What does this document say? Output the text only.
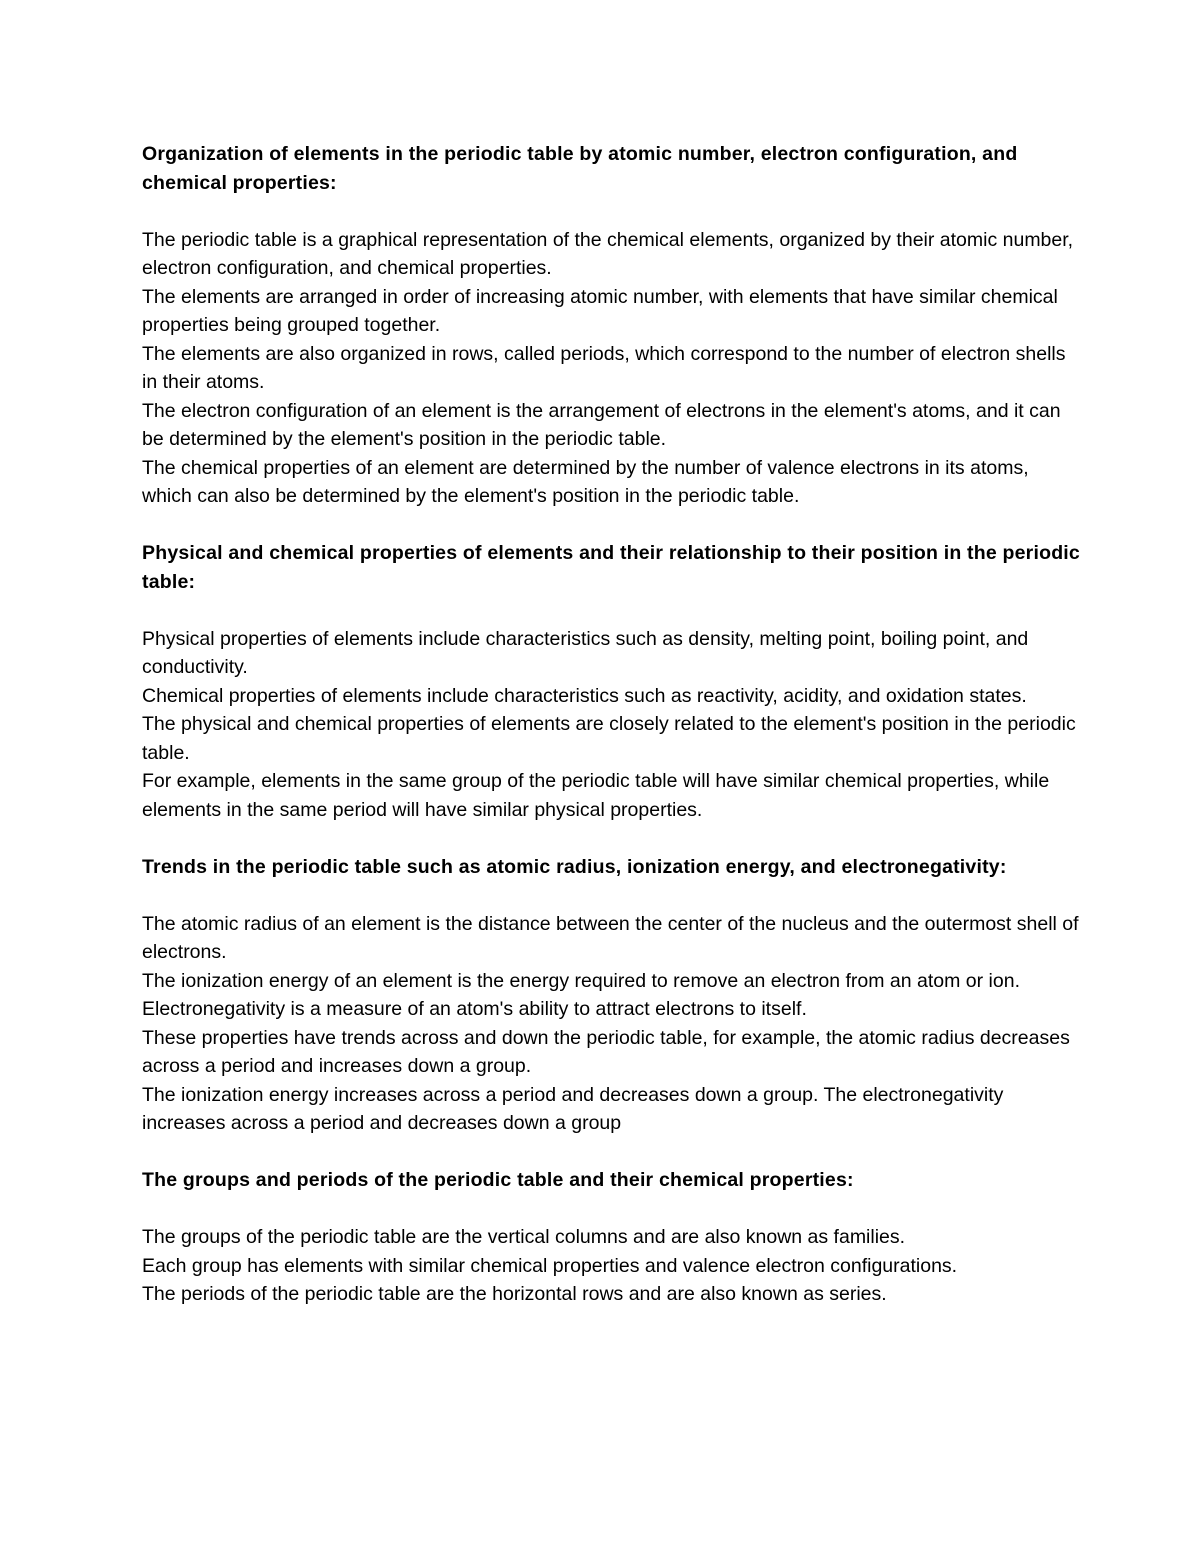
Organization of elements in the periodic table by atomic number, electron configuration, and chemical properties:

The periodic table is a graphical representation of the chemical elements, organized by their atomic number, electron configuration, and chemical properties.

The elements are arranged in order of increasing atomic number, with elements that have similar chemical properties being grouped together.

The elements are also organized in rows, called periods, which correspond to the number of electron shells in their atoms.

The electron configuration of an element is the arrangement of electrons in the element's atoms, and it can be determined by the element's position in the periodic table.

The chemical properties of an element are determined by the number of valence electrons in its atoms, which can also be determined by the element's position in the periodic table.

Physical and chemical properties of elements and their relationship to their position in the periodic table:

Physical properties of elements include characteristics such as density, melting point, boiling point, and conductivity.

Chemical properties of elements include characteristics such as reactivity, acidity, and oxidation states.

The physical and chemical properties of elements are closely related to the element's position in the periodic table.

For example, elements in the same group of the periodic table will have similar chemical properties, while elements in the same period will have similar physical properties.

Trends in the periodic table such as atomic radius, ionization energy, and electronegativity:

The atomic radius of an element is the distance between the center of the nucleus and the outermost shell of electrons.

The ionization energy of an element is the energy required to remove an electron from an atom or ion.

Electronegativity is a measure of an atom's ability to attract electrons to itself.

These properties have trends across and down the periodic table, for example, the atomic radius decreases across a period and increases down a group.

The ionization energy increases across a period and decreases down a group. The electronegativity increases across a period and decreases down a group

The groups and periods of the periodic table and their chemical properties:

The groups of the periodic table are the vertical columns and are also known as families.

Each group has elements with similar chemical properties and valence electron configurations.

The periods of the periodic table are the horizontal rows and are also known as series.
